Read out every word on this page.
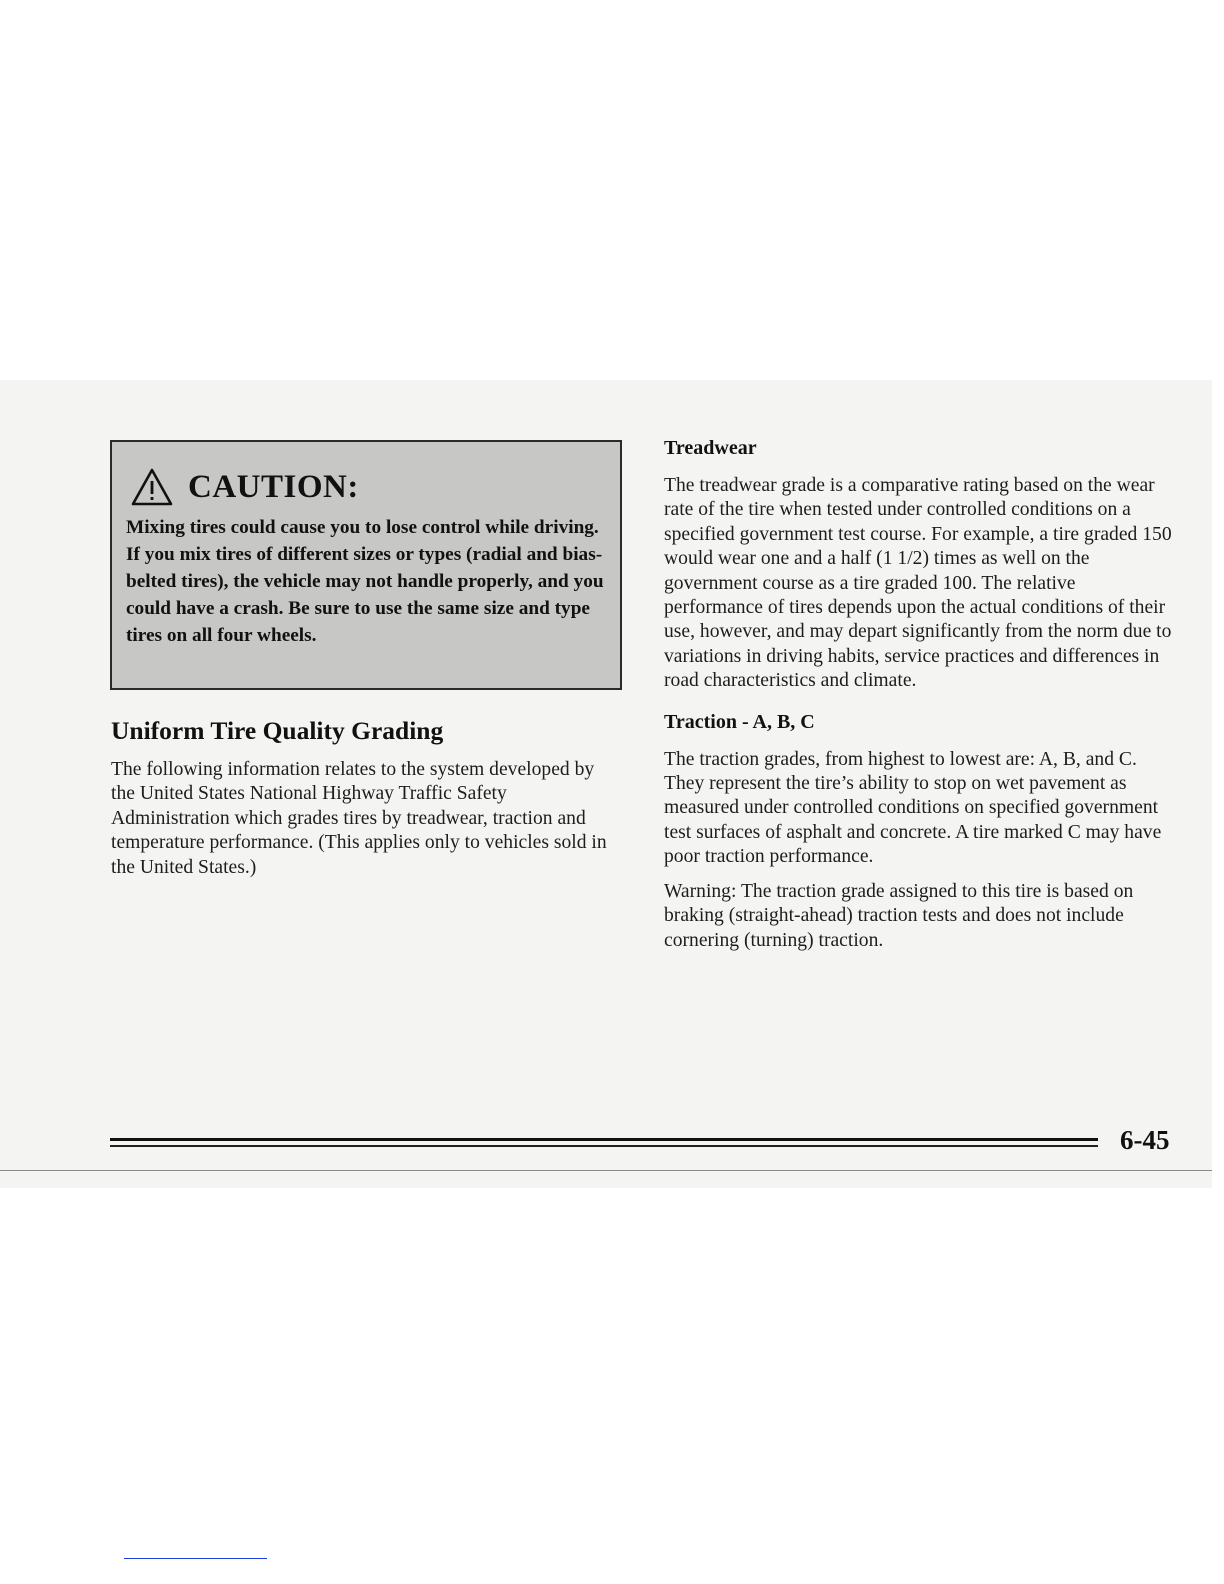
CAUTION:
Mixing tires could cause you to lose control while driving. If you mix tires of different sizes or types (radial and bias-belted tires), the vehicle may not handle properly, and you could have a crash. Be sure to use the same size and type tires on all four wheels.
Uniform Tire Quality Grading

The following information relates to the system developed by the United States National Highway Traffic Safety Administration which grades tires by treadwear, traction and temperature performance. (This applies only to vehicles sold in the United States.)

Treadwear

The treadwear grade is a comparative rating based on the wear rate of the tire when tested under controlled conditions on a specified government test course. For example, a tire graded 150 would wear one and a half (1 1/2) times as well on the government course as a tire graded 100. The relative performance of tires depends upon the actual conditions of their use, however, and may depart significantly from the norm due to variations in driving habits, service practices and differences in road characteristics and climate.

Traction - A, B, C

The traction grades, from highest to lowest are: A, B, and C. They represent the tire’s ability to stop on wet pavement as measured under controlled conditions on specified government test surfaces of asphalt and concrete. A tire marked C may have poor traction performance.

Warning: The traction grade assigned to this tire is based on braking (straight-ahead) traction tests and does not include cornering (turning) traction.

6-45
